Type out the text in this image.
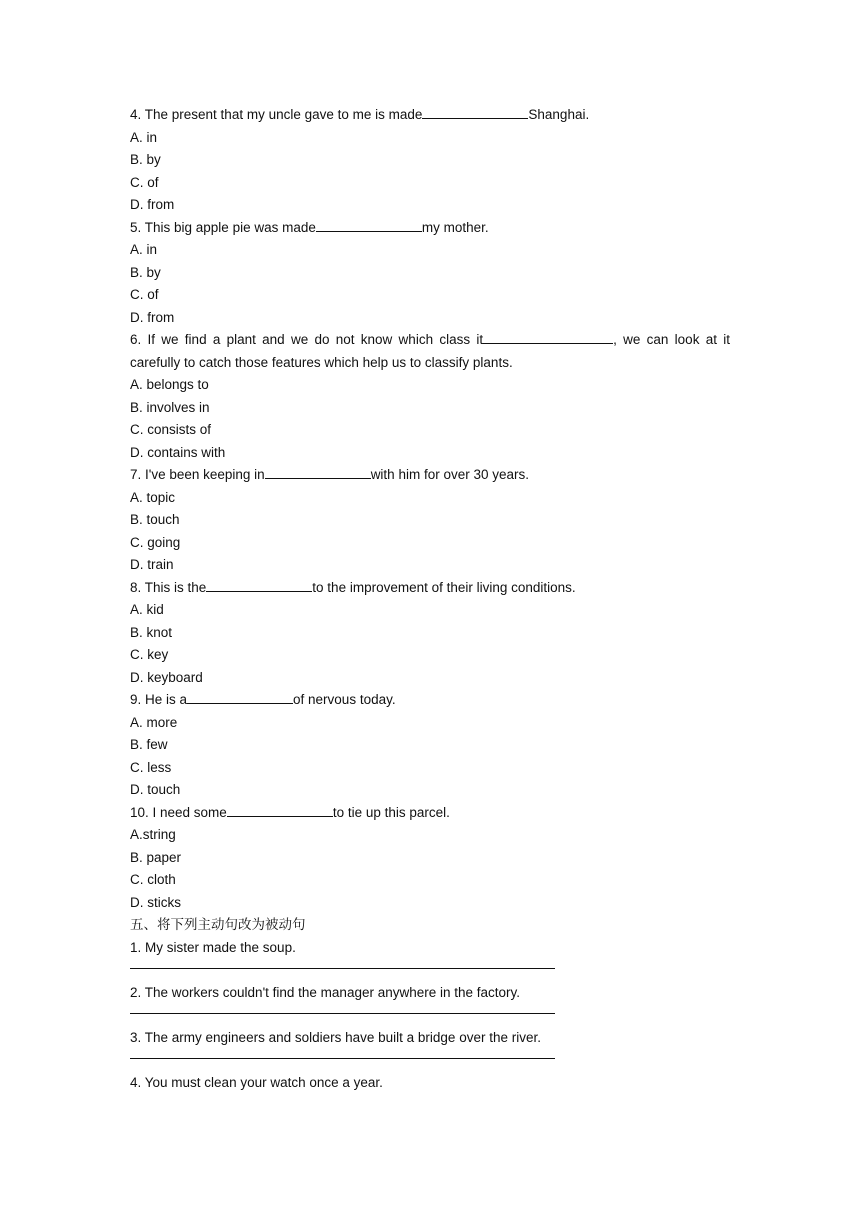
4. The present that my uncle gave to me is made	Shanghai.
A. in
B. by
C. of
D. from
5. This big apple pie was made	my mother.
A. in
B. by
C. of
D. from
6. If we find a plant and we do not know which class it	, we can look at it
carefully to catch those features which help us to classify plants.
A. belongs to
B. involves in
C. consists of
D. contains with
7. I've been keeping in	with him for over 30 years.
A. topic
B. touch
C. going
D. train
8. This is the	to the improvement of their living conditions.
A. kid
B. knot
C. key
D. keyboard
9. He is a	of nervous today.
A. more
B. few
C. less
D. touch
10. I need some	to tie up this parcel.
A.string
B. paper
C. cloth
D. sticks
五、将下列主动句改为被动句
1. My sister made the soup.
2. The workers couldn't find the manager anywhere in the factory.
3. The army engineers and soldiers have built a bridge over the river.
4. You must clean your watch once a year.
